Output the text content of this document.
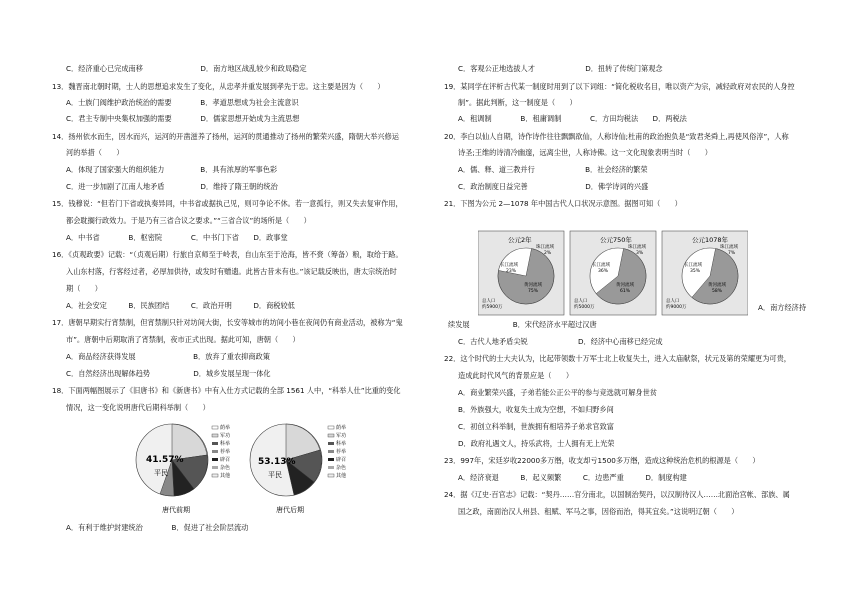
C．经济重心已完成南移　　　　　　　　D．南方地区战乱较少和政局稳定
13．魏晋南北朝时期，士人的思想追求发生了变化，从忠孝并重发展到孝先于忠。这主要是因为（　　）
A．士族门阀维护政治统治的需要　　　　B．孝道思想成为社会主流意识
C．君主专制中央集权加强的需要　　　　D．儒家思想开始成为主流思想
14．扬州依水而生，因水而兴，运河的开凿滋养了扬州，运河的贯通推动了扬州的繁荣兴盛，隋朝大举兴修运
河的举措（　　）
A．体现了国家强大的组织能力　　　　　B．具有浓厚的军事色彩
C．进一步加剧了江南人地矛盾　　　　　D．维持了隋王朝的统治
15．钱穆说：“但若门下省或执奏异同，中书省或据执己见，则可争论不休。若一意孤行，则又失去复审作用，
都会耽搁行政效力。于是乃有三省合议之要求。”“三省合议”的场所是（　　）
A．中书省　　　　B．枢密院　　　　C．中书门下省　　D．政事堂
16．《贞观政要》记载：“（贞观后期）行旅自京师至于岭表，自山东至于沧海，皆不赍（筹备）粮，取给于路。
入山东村落，行客经过者，必厚加供待，或发时有赠遗。此皆古昔未有也。”该记载反映出，唐太宗统治时
期（　　）
A．社会安定　　　B．民族团结　　　C．政治开明　　　D．商税较低
17．唐朝早期实行宵禁制，但宵禁制只针对坊间大街，长安等城市的坊间小巷在夜间仍有商业活动，被称为“鬼
市”。唐朝中后期取消了宵禁制，夜市正式出现。据此可知，唐朝（　　）
A．商品经济获得发展　　　　　　　　B．放弃了重农抑商政策
C．自然经济出现解体趋势　　　　　　D．城乡发展呈现一体化
18．下面两幅图展示了《旧唐书》和《新唐书》中有入仕方式记载的全部 1561 人中，“科举人仕”比重的变化
情况，这一变化说明唐代后期科举制（　　）
A．有利于维护封建统治　　　　B．促进了社会阶层流动
C．客观公正地选拔人才　　　　　　　D．扭转了传统门第观念
19．某同学在评析古代某一制度时用到了以下词组：“简化税收名目，唯以资产为宗，减轻政府对农民的人身控
制”。据此判断，这一制度是（　　）
A．租调制　　　　B．租庸调制　　　　C．方田均税法　　D．两税法
20．李白以仙人自期，诗作诗作往往飘飘欲仙，人称诗仙;杜甫的政治抱负是“致君尧舜上,再使风俗淳”，人称
诗圣;王维的诗清冷幽邃，远离尘世，人称诗佛。这一文化现象表明当时（　　）
A．儒、释、道三教并行　　　　　　　B．社会经济的繁荣
C．政治制度日益完善　　　　　　　　D．佛学诗词的兴盛
21．下图为公元 2—1078 年中国古代人口状况示意图。据图可知（　　）
A．南方经济持
续发展　　　　　　B．宋代经济水平超过汉唐
C．古代人地矛盾尖锐　　　　　　　D．经济中心南移已经完成
22．这个时代的士大夫认为，比起带领数十万军士北上收复失土，进入太庙献祭，状元及第的荣耀更为可贵，
造成此时代风气的背景应是（　　）
A．商业繁荣兴盛，子弟若能公正公平的参与竞选就可解身世贫
B．外族强大，收复失土成为空想，不如归野乡间
C．初创立科举制，世族拥有相培养子弟求官致富
D．政府礼遇文人，持乐武将，士人拥有无上光荣
23．997年，宋廷岁收22000多万缗，收支却亏1500多万缗，造成这种统治危机的根源是（　　）
A．经济衰退　　　B．起义频繁　　　C．边患严重　　　D．制度构建
24．据《辽史·百官志》记载：“契丹……官分南北，以国制治契丹，以汉制待汉人……北面治宫帐、部族、属
国之政，南面治汉人州县、租赋、军马之事，因俗而治，得其宜矣。”这说明辽朝（　　）
41.57%
平民
荫举
军功
科举
荐举
辟召
杂色
其他
唐代前期
53.13%
平民
荫举
军功
科举
荐举
辟召
杂色
其他
唐代后期
公元2年
珠江流域
2%
长江流域
23%
黄河流域
75%
总人口
约5900万
公元750年
珠江流域
3%
长江流域
36%
黄河流域
61%
总人口
约5000万
公元1078年
珠江流域
7%
长江流域
35%
黄河流域
58%
总人口
约9000万
